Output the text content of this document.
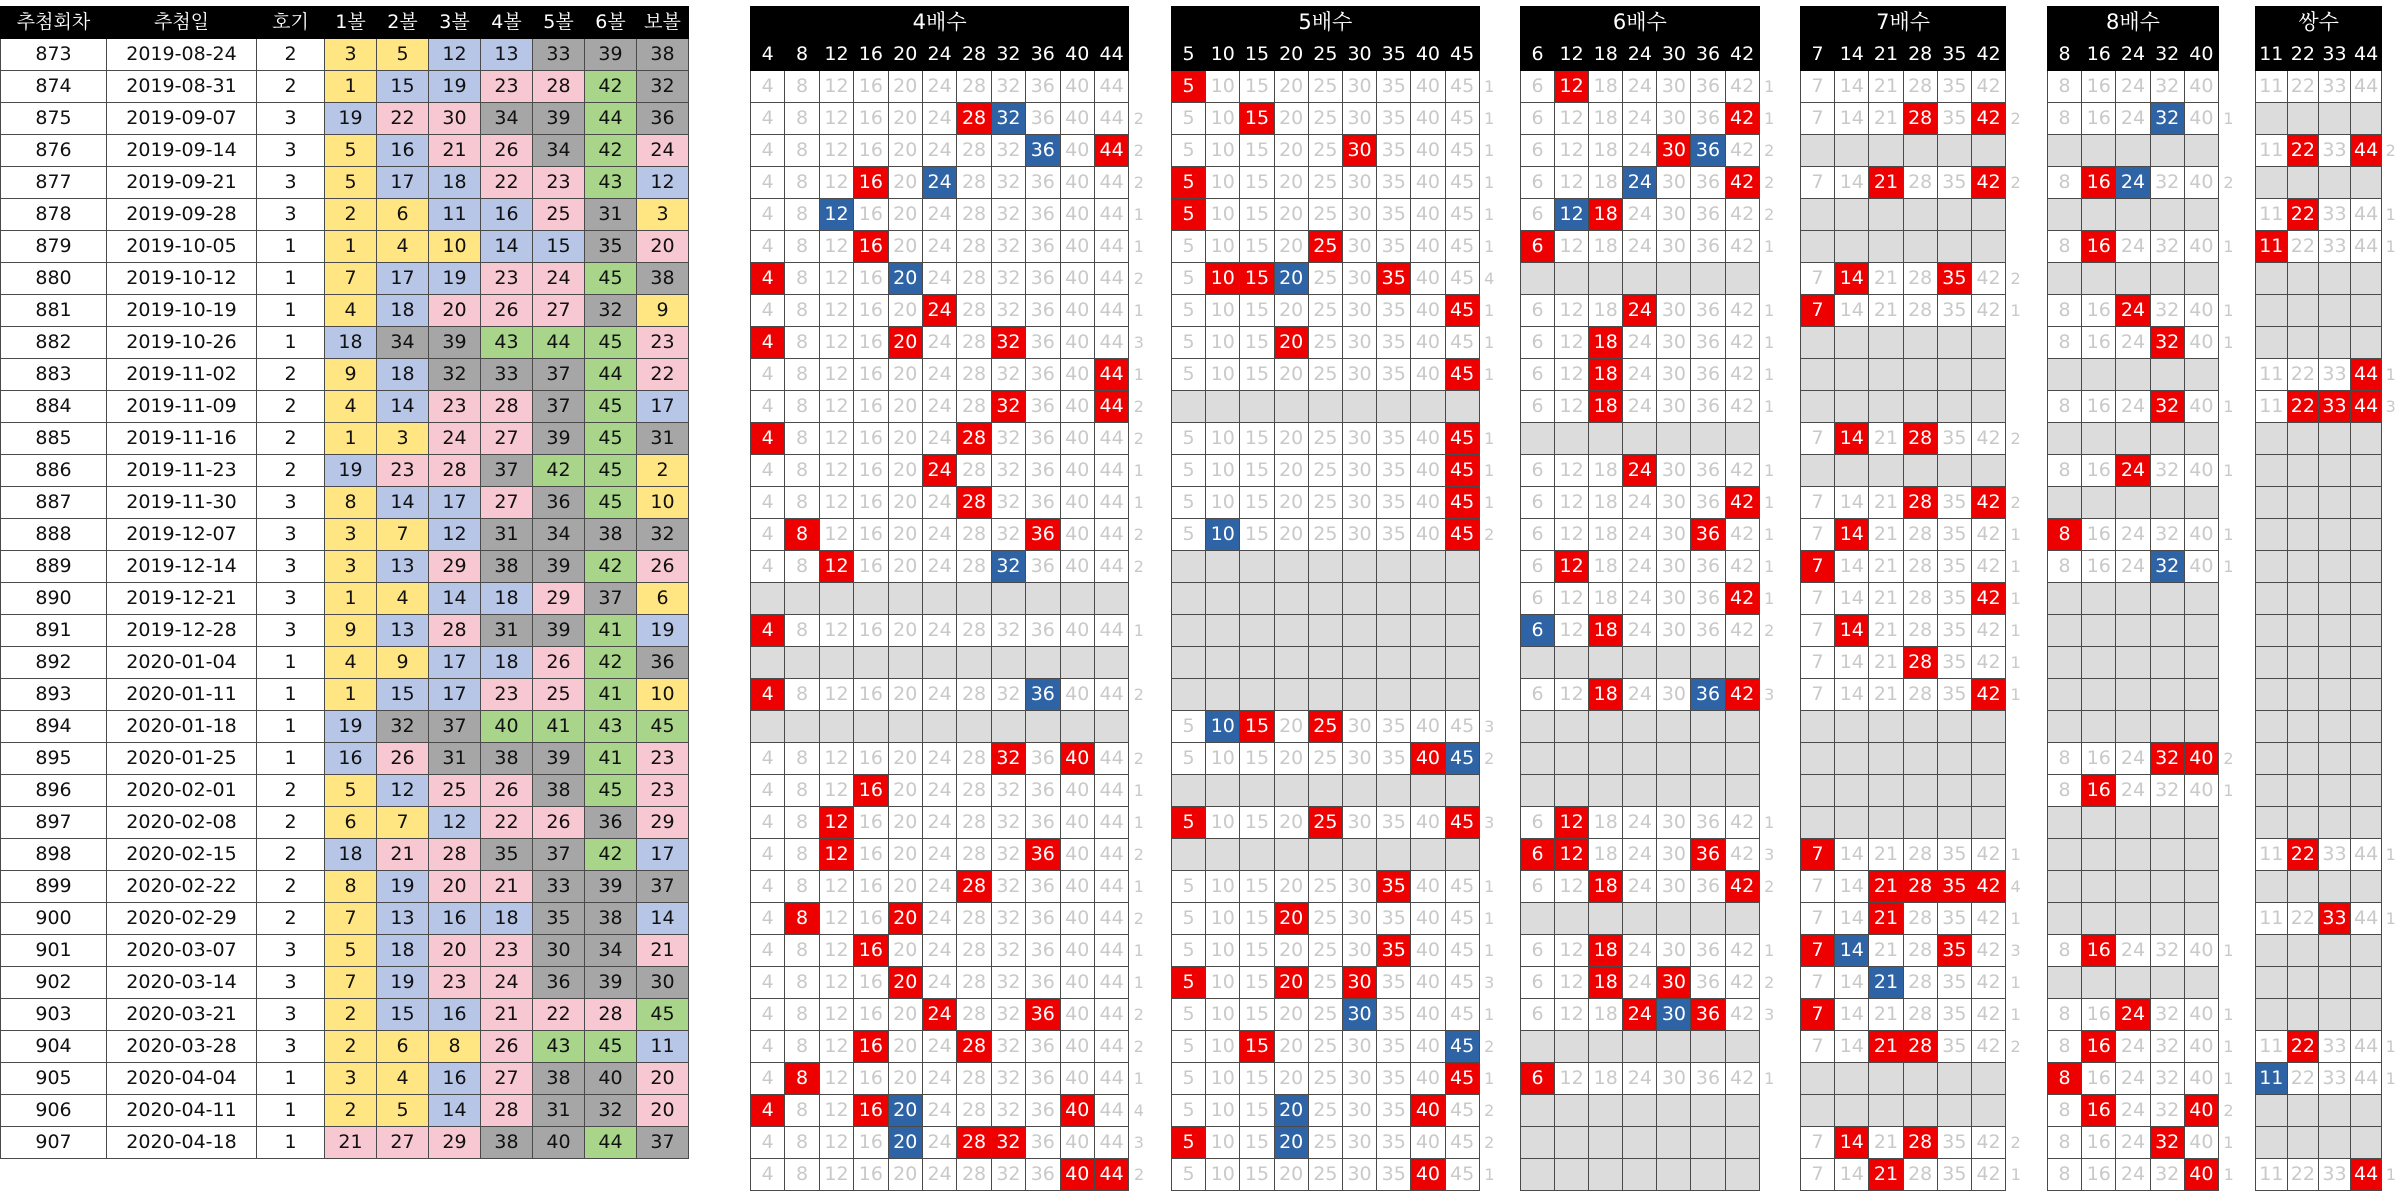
추첨회차	추첨일	호기	1볼	2볼	3볼	4볼	5볼	6볼	보볼
873	2019-08-24	2	3	5	12	13	33	39	38
874	2019-08-31	2	1	15	19	23	28	42	32
875	2019-09-07	3	19	22	30	34	39	44	36
876	2019-09-14	3	5	16	21	26	34	42	24
877	2019-09-21	3	5	17	18	22	23	43	12
878	2019-09-28	3	2	6	11	16	25	31	3
879	2019-10-05	1	1	4	10	14	15	35	20
880	2019-10-12	1	7	17	19	23	24	45	38
881	2019-10-19	1	4	18	20	26	27	32	9
882	2019-10-26	1	18	34	39	43	44	45	23
883	2019-11-02	2	9	18	32	33	37	44	22
884	2019-11-09	2	4	14	23	28	37	45	17
885	2019-11-16	2	1	3	24	27	39	45	31
886	2019-11-23	2	19	23	28	37	42	45	2
887	2019-11-30	3	8	14	17	27	36	45	10
888	2019-12-07	3	3	7	12	31	34	38	32
889	2019-12-14	3	3	13	29	38	39	42	26
890	2019-12-21	3	1	4	14	18	29	37	6
891	2019-12-28	3	9	13	28	31	39	41	19
892	2020-01-04	1	4	9	17	18	26	42	36
893	2020-01-11	1	1	15	17	23	25	41	10
894	2020-01-18	1	19	32	37	40	41	43	45
895	2020-01-25	1	16	26	31	38	39	41	23
896	2020-02-01	2	5	12	25	26	38	45	23
897	2020-02-08	2	6	7	12	22	26	36	29
898	2020-02-15	2	18	21	28	35	37	42	17
899	2020-02-22	2	8	19	20	21	33	39	37
900	2020-02-29	2	7	13	16	18	35	38	14
901	2020-03-07	3	5	18	20	23	30	34	21
902	2020-03-14	3	7	19	23	24	36	39	30
903	2020-03-21	3	2	15	16	21	22	28	45
904	2020-03-28	3	2	6	8	26	43	45	11
905	2020-04-04	1	3	4	16	27	38	40	20
906	2020-04-11	1	2	5	14	28	31	32	20
907	2020-04-18	1	21	27	29	38	40	44	37
4배수											
4	8	12	16	20	24	28	32	36	40	44	
4	8	12	16	20	24	28	32	36	40	44	
4	8	12	16	20	24	28	32	36	40	44	2
4	8	12	16	20	24	28	32	36	40	44	2
4	8	12	16	20	24	28	32	36	40	44	2
4	8	12	16	20	24	28	32	36	40	44	1
4	8	12	16	20	24	28	32	36	40	44	1
4	8	12	16	20	24	28	32	36	40	44	2
4	8	12	16	20	24	28	32	36	40	44	1
4	8	12	16	20	24	28	32	36	40	44	3
4	8	12	16	20	24	28	32	36	40	44	1
4	8	12	16	20	24	28	32	36	40	44	2
4	8	12	16	20	24	28	32	36	40	44	2
4	8	12	16	20	24	28	32	36	40	44	1
4	8	12	16	20	24	28	32	36	40	44	1
4	8	12	16	20	24	28	32	36	40	44	2
4	8	12	16	20	24	28	32	36	40	44	2
4	8	12	16	20	24	28	32	36	40	44	
4	8	12	16	20	24	28	32	36	40	44	1
4	8	12	16	20	24	28	32	36	40	44	
4	8	12	16	20	24	28	32	36	40	44	2
4	8	12	16	20	24	28	32	36	40	44	
4	8	12	16	20	24	28	32	36	40	44	2
4	8	12	16	20	24	28	32	36	40	44	1
4	8	12	16	20	24	28	32	36	40	44	1
4	8	12	16	20	24	28	32	36	40	44	2
4	8	12	16	20	24	28	32	36	40	44	1
4	8	12	16	20	24	28	32	36	40	44	2
4	8	12	16	20	24	28	32	36	40	44	1
4	8	12	16	20	24	28	32	36	40	44	1
4	8	12	16	20	24	28	32	36	40	44	2
4	8	12	16	20	24	28	32	36	40	44	2
4	8	12	16	20	24	28	32	36	40	44	1
4	8	12	16	20	24	28	32	36	40	44	4
4	8	12	16	20	24	28	32	36	40	44	3
4	8	12	16	20	24	28	32	36	40	44	2
5배수									
5	10	15	20	25	30	35	40	45	
5	10	15	20	25	30	35	40	45	1
5	10	15	20	25	30	35	40	45	1
5	10	15	20	25	30	35	40	45	1
5	10	15	20	25	30	35	40	45	1
5	10	15	20	25	30	35	40	45	1
5	10	15	20	25	30	35	40	45	1
5	10	15	20	25	30	35	40	45	4
5	10	15	20	25	30	35	40	45	1
5	10	15	20	25	30	35	40	45	1
5	10	15	20	25	30	35	40	45	1
5	10	15	20	25	30	35	40	45	
5	10	15	20	25	30	35	40	45	1
5	10	15	20	25	30	35	40	45	1
5	10	15	20	25	30	35	40	45	1
5	10	15	20	25	30	35	40	45	2
5	10	15	20	25	30	35	40	45	
5	10	15	20	25	30	35	40	45	
5	10	15	20	25	30	35	40	45	
5	10	15	20	25	30	35	40	45	
5	10	15	20	25	30	35	40	45	
5	10	15	20	25	30	35	40	45	3
5	10	15	20	25	30	35	40	45	2
5	10	15	20	25	30	35	40	45	
5	10	15	20	25	30	35	40	45	3
5	10	15	20	25	30	35	40	45	
5	10	15	20	25	30	35	40	45	1
5	10	15	20	25	30	35	40	45	1
5	10	15	20	25	30	35	40	45	1
5	10	15	20	25	30	35	40	45	3
5	10	15	20	25	30	35	40	45	1
5	10	15	20	25	30	35	40	45	2
5	10	15	20	25	30	35	40	45	1
5	10	15	20	25	30	35	40	45	2
5	10	15	20	25	30	35	40	45	2
5	10	15	20	25	30	35	40	45	1
6배수							
6	12	18	24	30	36	42	
6	12	18	24	30	36	42	1
6	12	18	24	30	36	42	1
6	12	18	24	30	36	42	2
6	12	18	24	30	36	42	2
6	12	18	24	30	36	42	2
6	12	18	24	30	36	42	1
6	12	18	24	30	36	42	
6	12	18	24	30	36	42	1
6	12	18	24	30	36	42	1
6	12	18	24	30	36	42	1
6	12	18	24	30	36	42	1
6	12	18	24	30	36	42	
6	12	18	24	30	36	42	1
6	12	18	24	30	36	42	1
6	12	18	24	30	36	42	1
6	12	18	24	30	36	42	1
6	12	18	24	30	36	42	1
6	12	18	24	30	36	42	2
6	12	18	24	30	36	42	
6	12	18	24	30	36	42	3
6	12	18	24	30	36	42	
6	12	18	24	30	36	42	
6	12	18	24	30	36	42	
6	12	18	24	30	36	42	1
6	12	18	24	30	36	42	3
6	12	18	24	30	36	42	2
6	12	18	24	30	36	42	
6	12	18	24	30	36	42	1
6	12	18	24	30	36	42	2
6	12	18	24	30	36	42	3
6	12	18	24	30	36	42	
6	12	18	24	30	36	42	1
6	12	18	24	30	36	42	
6	12	18	24	30	36	42	
6	12	18	24	30	36	42	
7배수						
7	14	21	28	35	42	
7	14	21	28	35	42	
7	14	21	28	35	42	2
7	14	21	28	35	42	
7	14	21	28	35	42	2
7	14	21	28	35	42	
7	14	21	28	35	42	
7	14	21	28	35	42	2
7	14	21	28	35	42	1
7	14	21	28	35	42	
7	14	21	28	35	42	
7	14	21	28	35	42	
7	14	21	28	35	42	2
7	14	21	28	35	42	
7	14	21	28	35	42	2
7	14	21	28	35	42	1
7	14	21	28	35	42	1
7	14	21	28	35	42	1
7	14	21	28	35	42	1
7	14	21	28	35	42	1
7	14	21	28	35	42	1
7	14	21	28	35	42	
7	14	21	28	35	42	
7	14	21	28	35	42	
7	14	21	28	35	42	
7	14	21	28	35	42	1
7	14	21	28	35	42	4
7	14	21	28	35	42	1
7	14	21	28	35	42	3
7	14	21	28	35	42	1
7	14	21	28	35	42	1
7	14	21	28	35	42	2
7	14	21	28	35	42	
7	14	21	28	35	42	
7	14	21	28	35	42	2
7	14	21	28	35	42	1
8배수					
8	16	24	32	40	
8	16	24	32	40	
8	16	24	32	40	1
8	16	24	32	40	
8	16	24	32	40	2
8	16	24	32	40	
8	16	24	32	40	1
8	16	24	32	40	
8	16	24	32	40	1
8	16	24	32	40	1
8	16	24	32	40	
8	16	24	32	40	1
8	16	24	32	40	
8	16	24	32	40	1
8	16	24	32	40	
8	16	24	32	40	1
8	16	24	32	40	1
8	16	24	32	40	
8	16	24	32	40	
8	16	24	32	40	
8	16	24	32	40	
8	16	24	32	40	
8	16	24	32	40	2
8	16	24	32	40	1
8	16	24	32	40	
8	16	24	32	40	
8	16	24	32	40	
8	16	24	32	40	
8	16	24	32	40	1
8	16	24	32	40	
8	16	24	32	40	1
8	16	24	32	40	1
8	16	24	32	40	1
8	16	24	32	40	2
8	16	24	32	40	1
8	16	24	32	40	1
쌍수				
11	22	33	44	
11	22	33	44	
11	22	33	44	
11	22	33	44	2
11	22	33	44	
11	22	33	44	1
11	22	33	44	1
11	22	33	44	
11	22	33	44	
11	22	33	44	
11	22	33	44	1
11	22	33	44	3
11	22	33	44	
11	22	33	44	
11	22	33	44	
11	22	33	44	
11	22	33	44	
11	22	33	44	
11	22	33	44	
11	22	33	44	
11	22	33	44	
11	22	33	44	
11	22	33	44	
11	22	33	44	
11	22	33	44	
11	22	33	44	1
11	22	33	44	
11	22	33	44	1
11	22	33	44	
11	22	33	44	
11	22	33	44	
11	22	33	44	1
11	22	33	44	1
11	22	33	44	
11	22	33	44	
11	22	33	44	1
